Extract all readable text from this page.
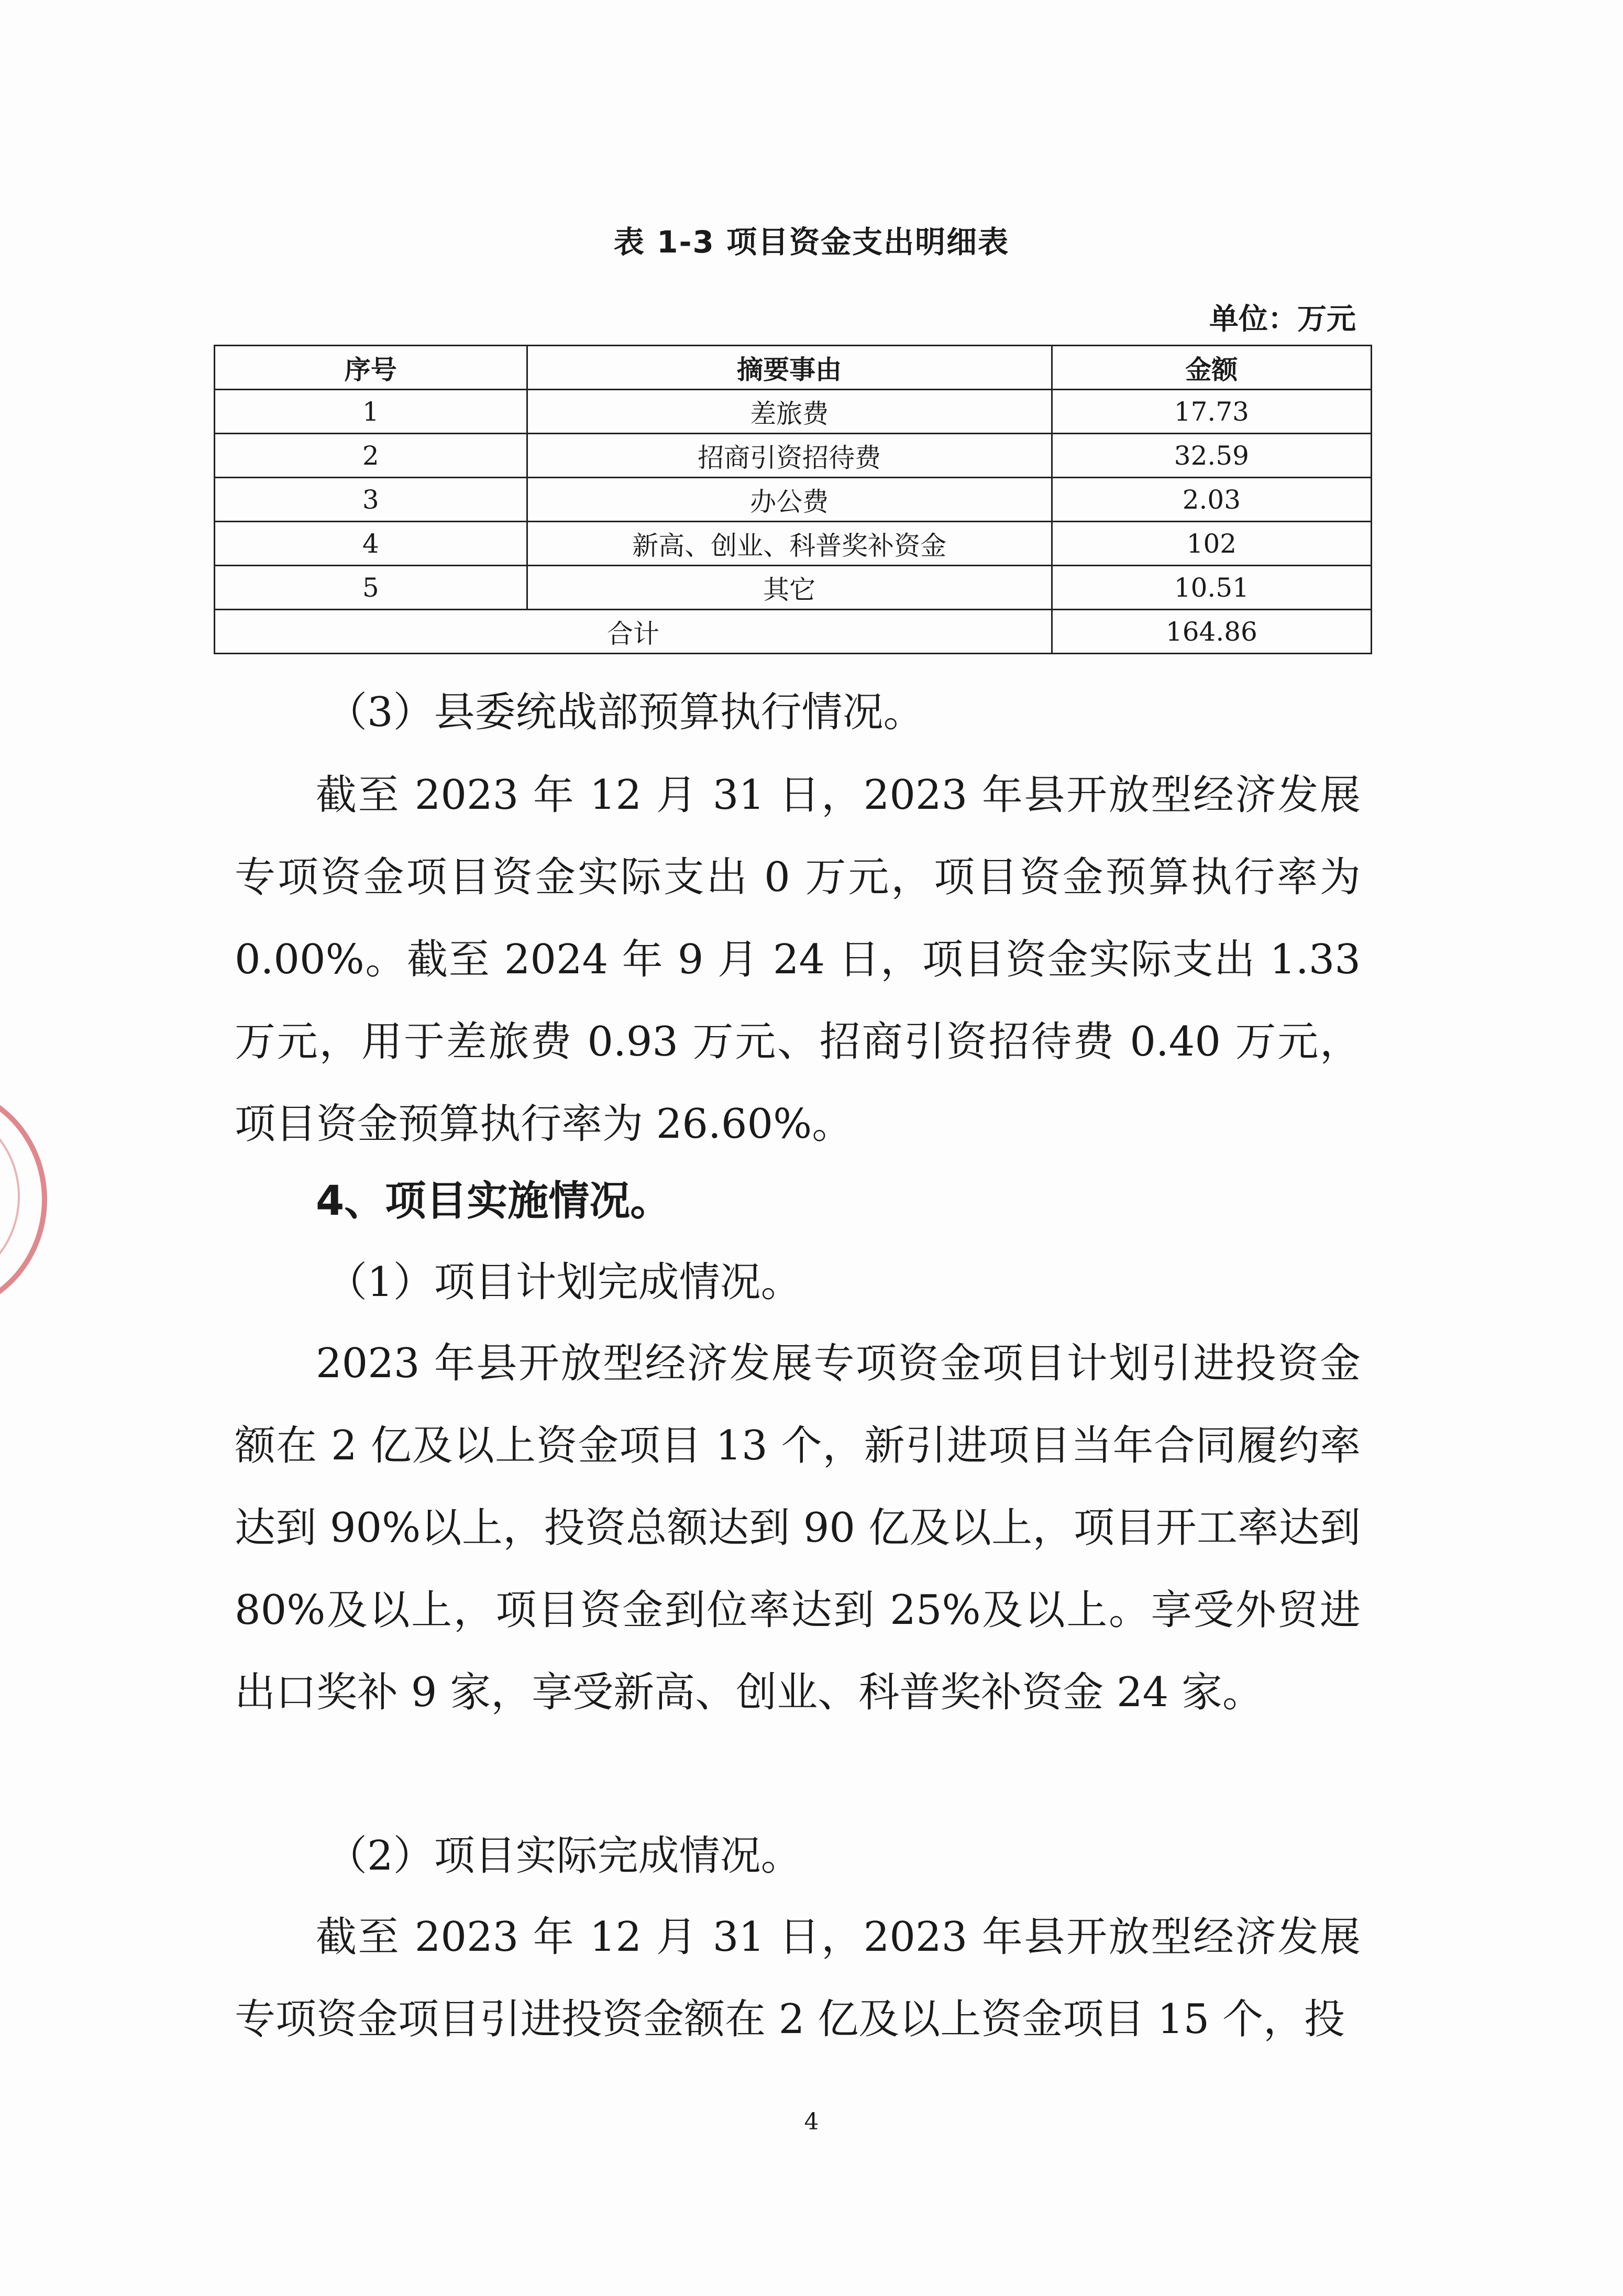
表 1-3 项目资金支出明细表
单位：万元
序号	摘要事由	金额
1	差旅费	17.73
2	招商引资招待费	32.59
3	办公费	2.03
4	新高、创业、科普奖补资金	102
5	其它	10.51
合计		164.86

（3）县委统战部预算执行情况。

截至 2023 年 12 月 31 日，2023 年县开放型经济发展专项资金项目资金实际支出 0 万元，项目资金预算执行率为 0.00%。截至 2024 年 9 月 24 日，项目资金实际支出 1.33 万元，用于差旅费 0.93 万元、招商引资招待费 0.40 万元，项目资金预算执行率为 26.60%。

4、项目实施情况。

（1）项目计划完成情况。

2023 年县开放型经济发展专项资金项目计划引进投资金额在 2 亿及以上资金项目 13 个，新引进项目当年合同履约率达到 90%以上，投资总额达到 90 亿及以上，项目开工率达到 80%及以上，项目资金到位率达到 25%及以上。享受外贸进出口奖补 9 家，享受新高、创业、科普奖补资金 24 家。

（2）项目实际完成情况。

截至 2023 年 12 月 31 日，2023 年县开放型经济发展专项资金项目引进投资金额在 2 亿及以上资金项目 15 个，投

4
